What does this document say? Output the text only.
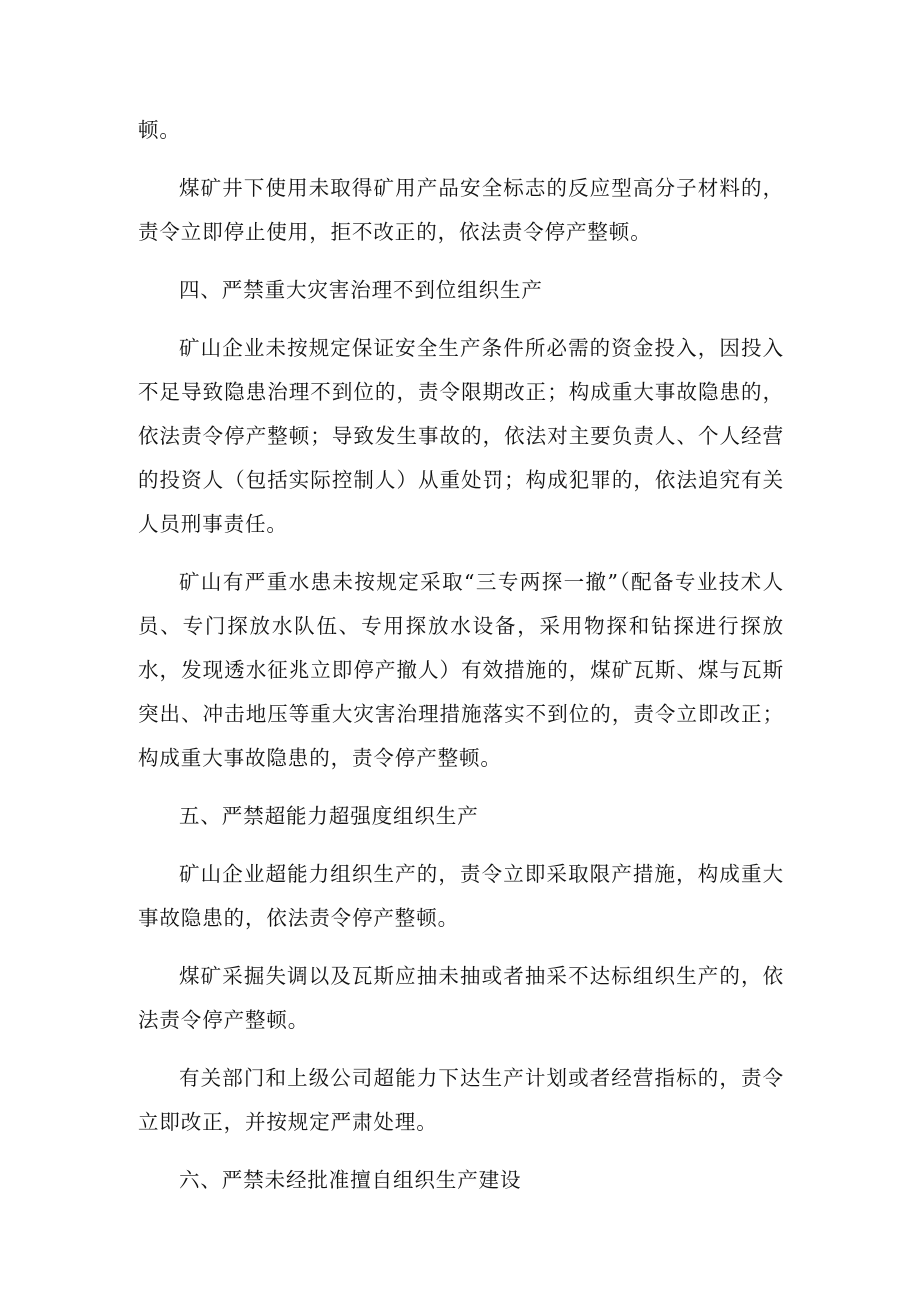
顿。

煤矿井下使用未取得矿用产品安全标志的反应型高分子材料的，责令立即停止使用，拒不改正的，依法责令停产整顿。

四、严禁重大灾害治理不到位组织生产

矿山企业未按规定保证安全生产条件所必需的资金投入，因投入不足导致隐患治理不到位的，责令限期改正；构成重大事故隐患的，依法责令停产整顿；导致发生事故的，依法对主要负责人、个人经营的投资人（包括实际控制人）从重处罚；构成犯罪的，依法追究有关人员刑事责任。

矿山有严重水患未按规定采取“三专两探一撤”（配备专业技术人员、专门探放水队伍、专用探放水设备，采用物探和钻探进行探放水，发现透水征兆立即停产撤人）有效措施的，煤矿瓦斯、煤与瓦斯突出、冲击地压等重大灾害治理措施落实不到位的，责令立即改正；构成重大事故隐患的，责令停产整顿。

五、严禁超能力超强度组织生产

矿山企业超能力组织生产的，责令立即采取限产措施，构成重大事故隐患的，依法责令停产整顿。

煤矿采掘失调以及瓦斯应抽未抽或者抽采不达标组织生产的，依法责令停产整顿。

有关部门和上级公司超能力下达生产计划或者经营指标的，责令立即改正，并按规定严肃处理。

六、严禁未经批准擅自组织生产建设
